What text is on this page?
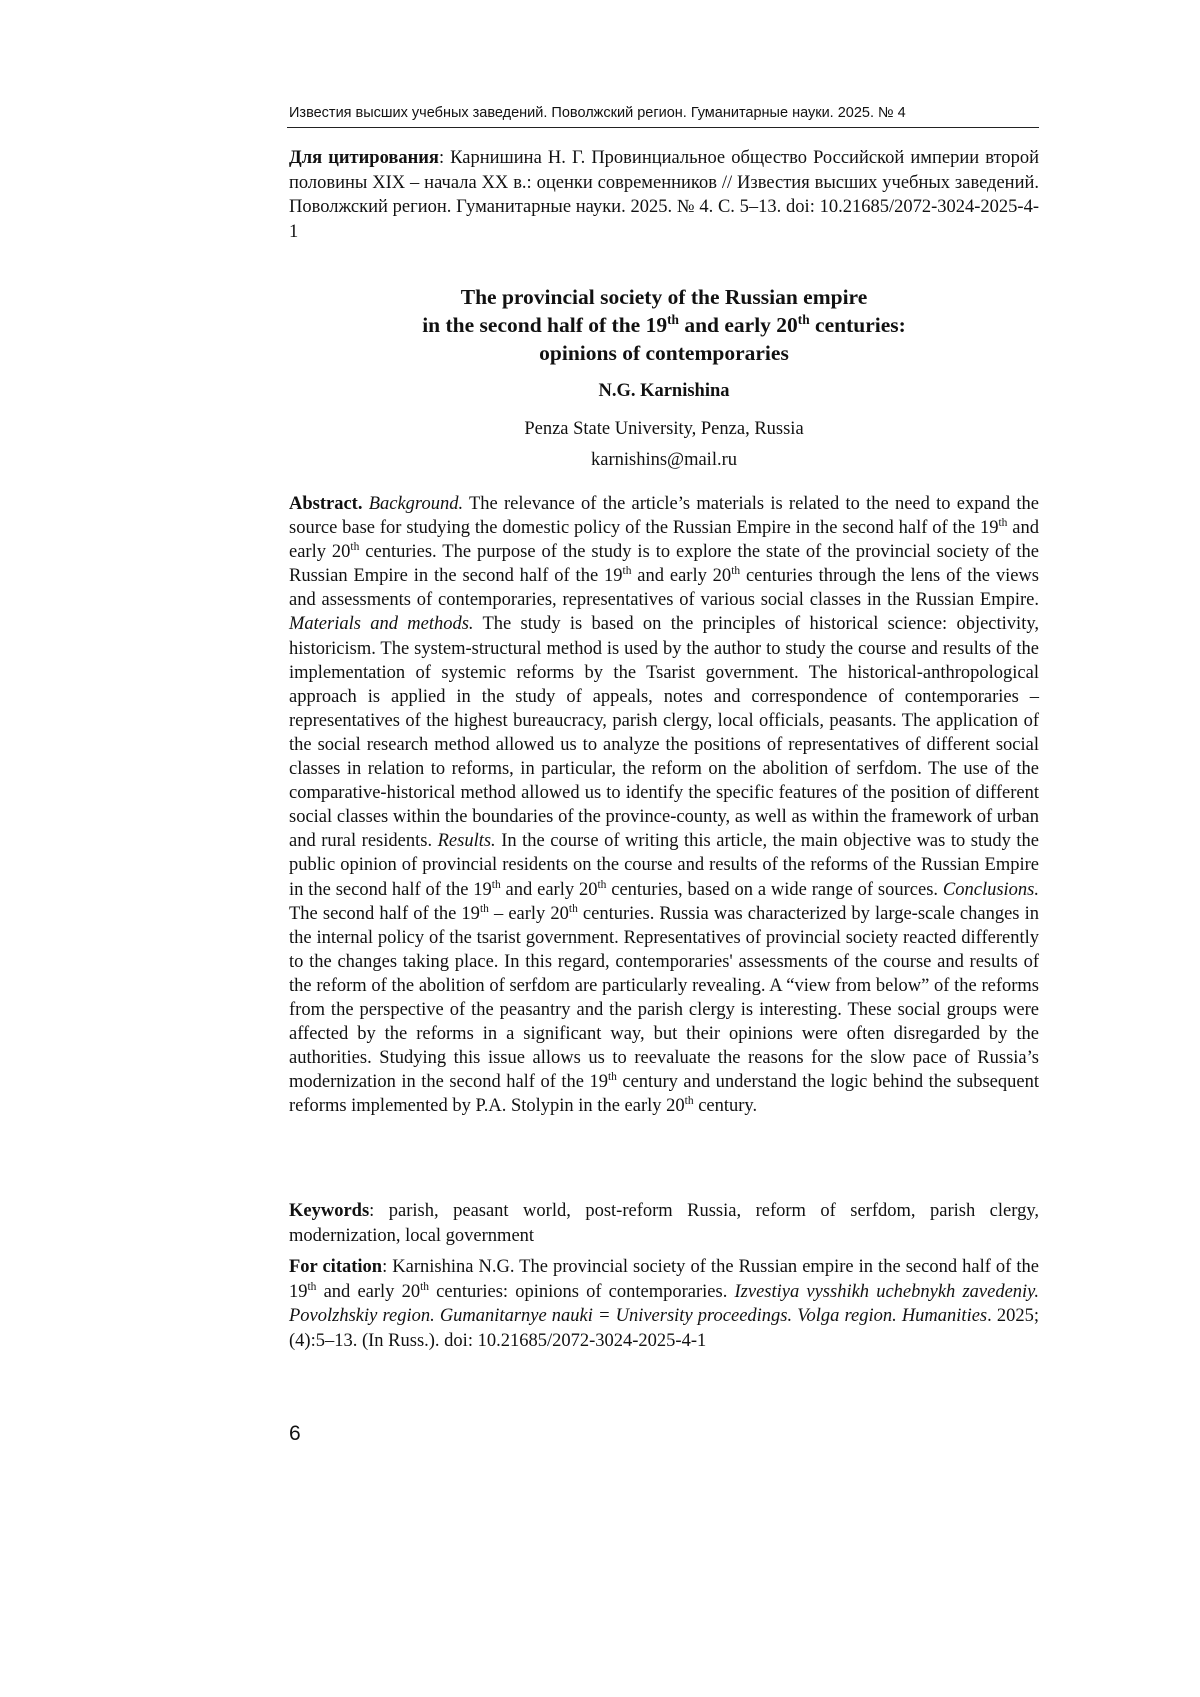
Известия высших учебных заведений. Поволжский регион. Гуманитарные науки. 2025. № 4
Для цитирования: Карнишина Н. Г. Провинциальное общество Российской империи второй половины XIX – начала XX в.: оценки современников // Известия высших учебных заведений. Поволжский регион. Гуманитарные науки. 2025. № 4. С. 5–13. doi: 10.21685/2072-3024-2025-4-1
The provincial society of the Russian empire
in the second half of the 19th and early 20th centuries:
opinions of contemporaries
N.G. Karnishina
Penza State University, Penza, Russia
karnishins@mail.ru
Abstract. Background. The relevance of the article’s materials is related to the need to expand the source base for studying the domestic policy of the Russian Empire in the second half of the 19th and early 20th centuries. The purpose of the study is to explore the state of the provincial society of the Russian Empire in the second half of the 19th and early 20th centuries through the lens of the views and assessments of contemporaries, representatives of various social classes in the Russian Empire. Materials and methods. The study is based on the principles of historical science: objectivity, historicism. The system-structural method is used by the author to study the course and results of the implementation of systemic reforms by the Tsarist government. The historical-anthropological approach is applied in the study of appeals, notes and correspondence of contemporaries – representatives of the highest bureaucracy, parish clergy, local officials, peasants. The application of the social research method allowed us to analyze the positions of representatives of different social classes in relation to reforms, in particular, the reform on the abolition of serfdom. The use of the comparative-historical method allowed us to identify the specific features of the position of different social classes within the boundaries of the province-county, as well as within the framework of urban and rural residents. Results. In the course of writing this article, the main objective was to study the public opinion of provincial residents on the course and results of the reforms of the Russian Empire in the second half of the 19th and early 20th centuries, based on a wide range of sources. Conclusions. The second half of the 19th – early 20th centuries. Russia was characterized by large-scale changes in the internal policy of the tsarist government. Representatives of provincial society reacted differently to the changes taking place. In this regard, contemporaries' assessments of the course and results of the reform of the abolition of serfdom are particularly revealing. A “view from below” of the reforms from the perspective of the peasantry and the parish clergy is interesting. These social groups were affected by the reforms in a significant way, but their opinions were often disregarded by the authorities. Studying this issue allows us to reevaluate the reasons for the slow pace of Russia’s modernization in the second half of the 19th century and understand the logic behind the subsequent reforms implemented by P.A. Stolypin in the early 20th century.
Keywords: parish, peasant world, post-reform Russia, reform of serfdom, parish clergy, modernization, local government
For citation: Karnishina N.G. The provincial society of the Russian empire in the second half of the 19th and early 20th centuries: opinions of contemporaries. Izvestiya vysshikh uchebnykh zavedeniy. Povolzhskiy region. Gumanitarnye nauki = University proceedings. Volga region. Humanities. 2025;(4):5–13. (In Russ.). doi: 10.21685/2072-3024-2025-4-1
6
